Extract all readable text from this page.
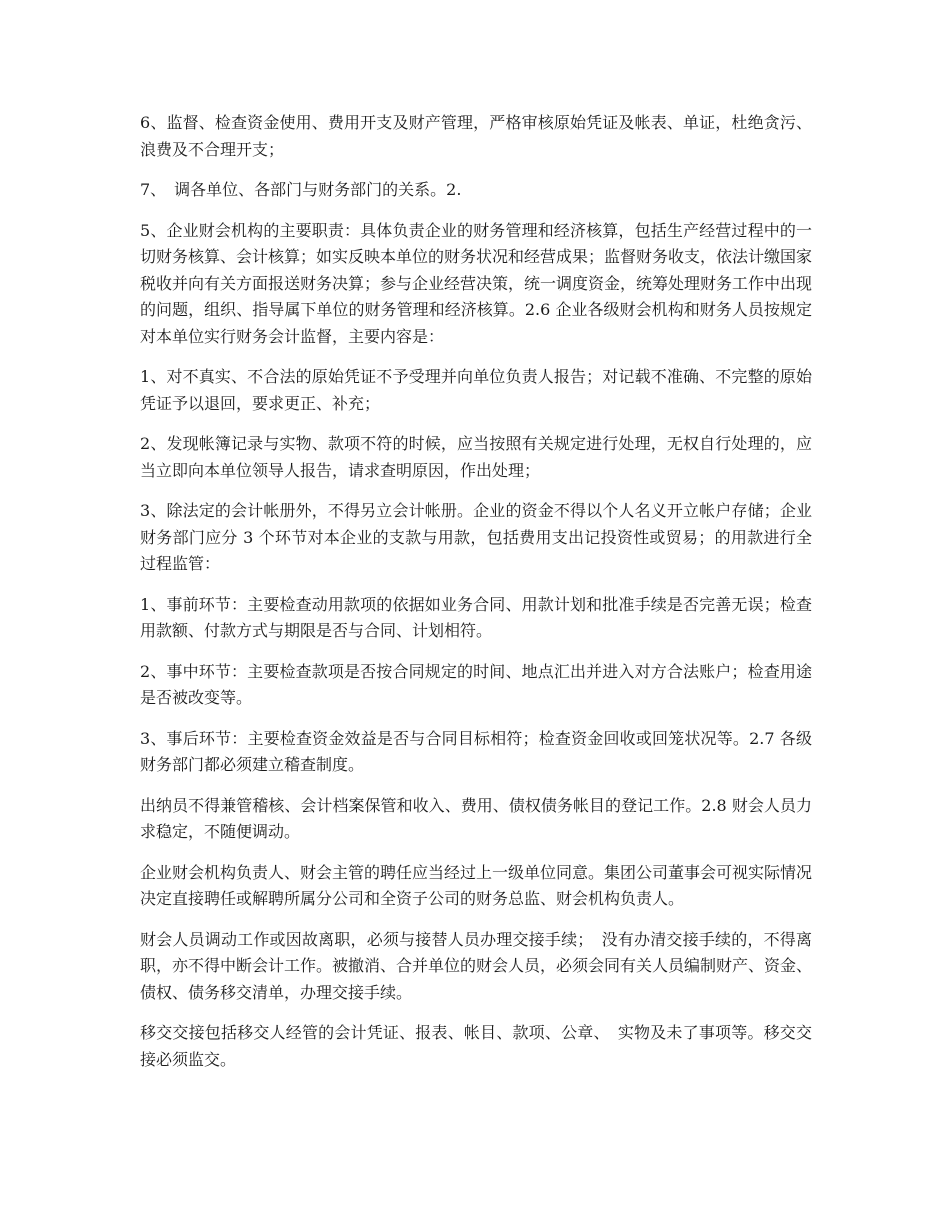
6、监督、检查资金使用、费用开支及财产管理，严格审核原始凭证及帐表、单证，杜绝贪污、浪费及不合理开支；

7、　调各单位、各部门与财务部门的关系。2.

5、企业财会机构的主要职责：具体负责企业的财务管理和经济核算，包括生产经营过程中的一切财务核算、会计核算；如实反映本单位的财务状况和经营成果；监督财务收支，依法计缴国家税收并向有关方面报送财务决算；参与企业经营决策，统一调度资金，统筹处理财务工作中出现的问题，组织、指导属下单位的财务管理和经济核算。2.6 企业各级财会机构和财务人员按规定对本单位实行财务会计监督，主要内容是：

1、对不真实、不合法的原始凭证不予受理并向单位负责人报告；对记载不准确、不完整的原始凭证予以退回，要求更正、补充；

2、发现帐簿记录与实物、款项不符的时候，应当按照有关规定进行处理，无权自行处理的，应当立即向本单位领导人报告，请求查明原因，作出处理；

3、除法定的会计帐册外，不得另立会计帐册。企业的资金不得以个人名义开立帐户存储；企业财务部门应分 3 个环节对本企业的支款与用款，包括费用支出记投资性或贸易；的用款进行全过程监管：

1、事前环节：主要检查动用款项的依据如业务合同、用款计划和批准手续是否完善无误；检查用款额、付款方式与期限是否与合同、计划相符。

2、事中环节：主要检查款项是否按合同规定的时间、地点汇出并进入对方合法账户；检查用途是否被改变等。

3、事后环节：主要检查资金效益是否与合同目标相符；检查资金回收或回笼状况等。2.7 各级财务部门都必须建立稽查制度。

出纳员不得兼管稽核、会计档案保管和收入、费用、债权债务帐目的登记工作。2.8 财会人员力求稳定，不随便调动。

企业财会机构负责人、财会主管的聘任应当经过上一级单位同意。集团公司董事会可视实际情况决定直接聘任或解聘所属分公司和全资子公司的财务总监、财会机构负责人。

财会人员调动工作或因故离职，必须与接替人员办理交接手续；　没有办清交接手续的，不得离职，亦不得中断会计工作。被撤消、合并单位的财会人员，必须会同有关人员编制财产、资金、债权、债务移交清单，办理交接手续。

移交交接包括移交人经管的会计凭证、报表、帐目、款项、公章、　实物及未了事项等。移交交接必须监交。
